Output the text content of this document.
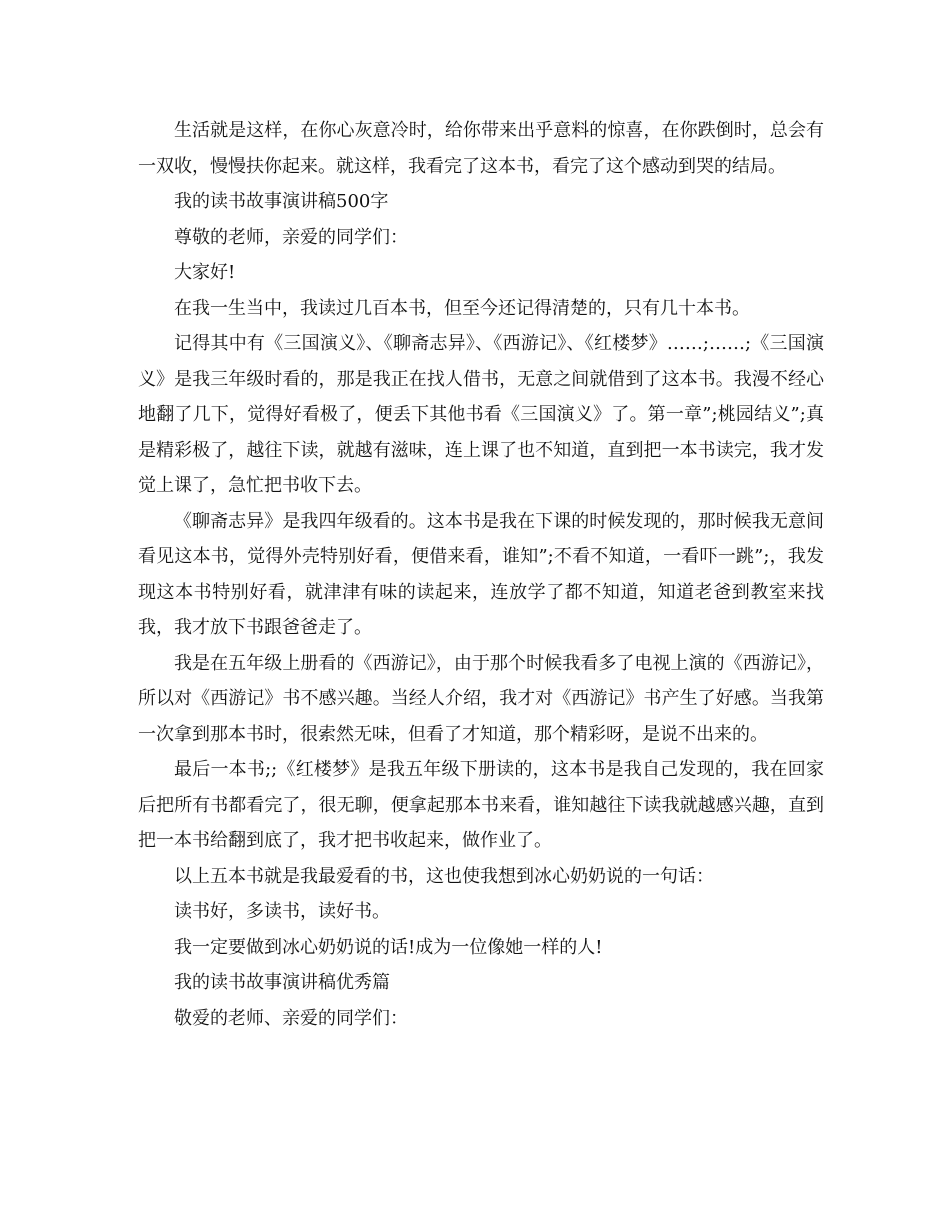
生活就是这样，在你心灰意冷时，给你带来出乎意料的惊喜，在你跌倒时，总会有一双收，慢慢扶你起来。就这样，我看完了这本书，看完了这个感动到哭的结局。

我的读书故事演讲稿500字

尊敬的老师，亲爱的同学们：

大家好!

在我一生当中，我读过几百本书，但至今还记得清楚的，只有几十本书。

记得其中有《三国演义》、《聊斋志异》、《西游记》、《红楼梦》……;……;《三国演义》是我三年级时看的，那是我正在找人借书，无意之间就借到了这本书。我漫不经心地翻了几下，觉得好看极了，便丢下其他书看《三国演义》了。第一章”;桃园结义”;真是精彩极了，越往下读，就越有滋味，连上课了也不知道，直到把一本书读完，我才发觉上课了，急忙把书收下去。

《聊斋志异》是我四年级看的。这本书是我在下课的时候发现的，那时候我无意间看见这本书，觉得外壳特别好看，便借来看，谁知”;不看不知道，一看吓一跳”;，我发现这本书特别好看，就津津有味的读起来，连放学了都不知道，知道老爸到教室来找我，我才放下书跟爸爸走了。

我是在五年级上册看的《西游记》，由于那个时候我看多了电视上演的《西游记》，所以对《西游记》书不感兴趣。当经人介绍，我才对《西游记》书产生了好感。当我第一次拿到那本书时，很索然无味，但看了才知道，那个精彩呀，是说不出来的。

最后一本书;;《红楼梦》是我五年级下册读的，这本书是我自己发现的，我在回家后把所有书都看完了，很无聊，便拿起那本书来看，谁知越往下读我就越感兴趣，直到把一本书给翻到底了，我才把书收起来，做作业了。

以上五本书就是我最爱看的书，这也使我想到冰心奶奶说的一句话：

读书好，多读书，读好书。

我一定要做到冰心奶奶说的话!成为一位像她一样的人!

我的读书故事演讲稿优秀篇

敬爱的老师、亲爱的同学们：
